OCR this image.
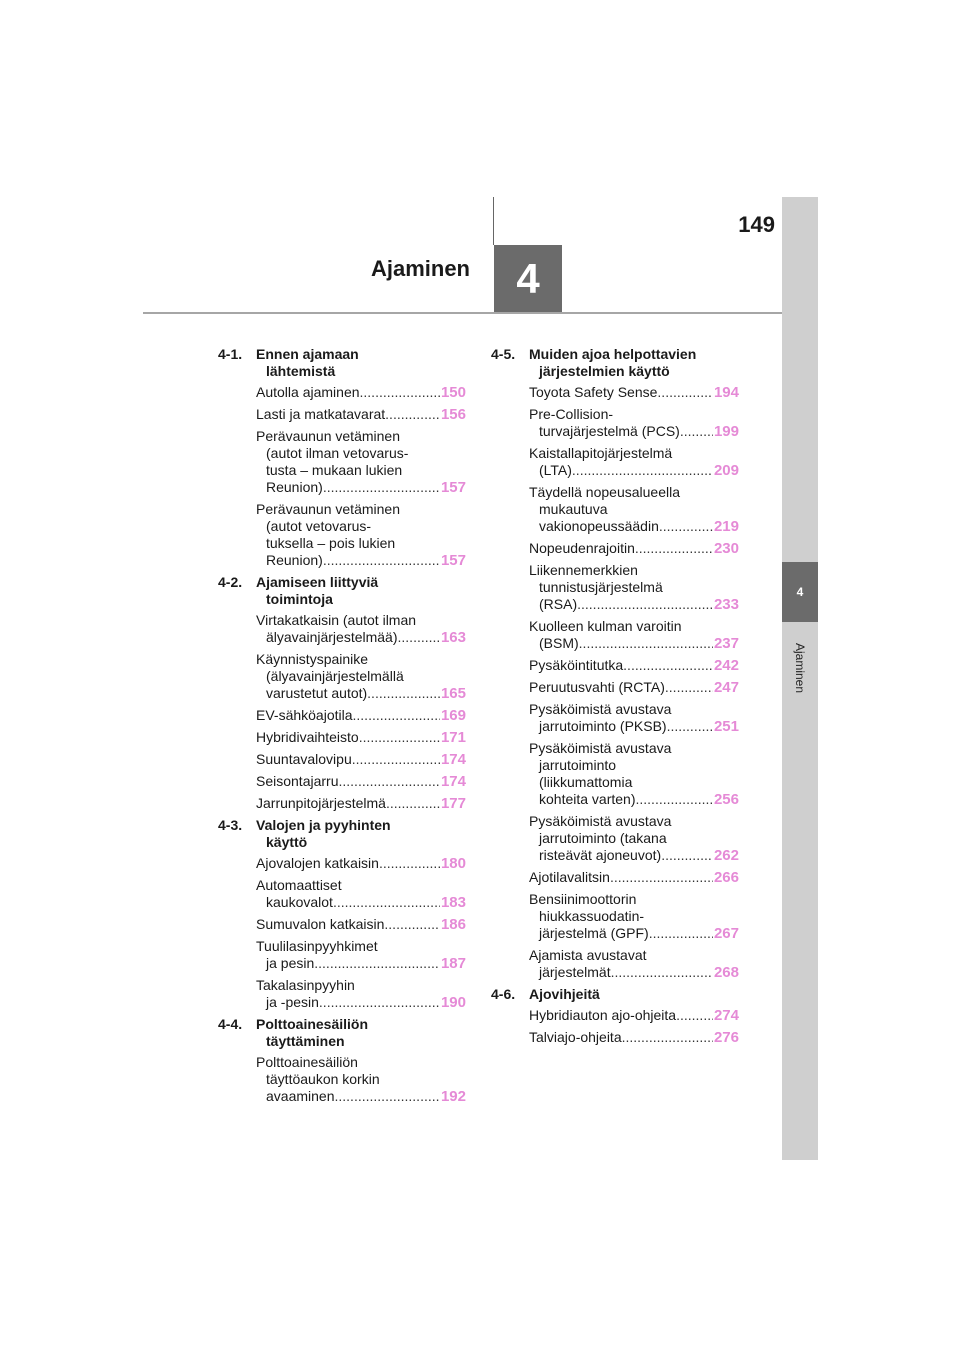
149
Ajaminen	4
4
Ajaminen
4-1. Ennen ajamaan
lähtemistä
Autolla ajaminen .....	150
Lasti ja matkatavarat .....	156
Perävaunun vetäminen
(autot ilman vetovarus-
tusta – mukaan lukien
Reunion) .....	157
Perävaunun vetäminen
(autot vetovarus-
tuksella – pois lukien
Reunion) .....	157
4-2. Ajamiseen liittyviä
toimintoja
Virtakatkaisin (autot ilman
älyavainjärjestelmää) .....	163
Käynnistyspainike
(älyavainjärjestelmällä
varustetut autot) .....	165
EV-sähköajotila .....	169
Hybridivaihteisto .....	171
Suuntavalovipu .....	174
Seisontajarru .....	174
Jarrunpitojärjestelmä .....	177
4-3. Valojen ja pyyhinten
käyttö
Ajovalojen katkaisin .....	180
Automaattiset
kaukovalot .....	183
Sumuvalon katkaisin .....	186
Tuulilasinpyyhkimet
ja pesin .....	187
Takalasinpyyhin
ja -pesin .....	190
4-4. Polttoainesäiliön
täyttäminen
Polttoainesäiliön
täyttöaukon korkin
avaaminen .....	192
4-5. Muiden ajoa helpottavien
järjestelmien käyttö
Toyota Safety Sense .....	194
Pre-Collision-
turvajärjestelmä (PCS) ..... 199
Kaistallapitojärjestelmä
(LTA) .....	209
Täydellä nopeusalueella
mukautuva
vakionopeussäädin .....	219
Nopeudenrajoitin .....	230
Liikennemerkkien
tunnistusjärjestelmä
(RSA) .....	233
Kuolleen kulman varoitin
(BSM) .....	237
Pysäköintitutka .....	242
Peruutusvahti (RCTA) .....	247
Pysäköimistä avustava
jarrutoiminto (PKSB) .....	251
Pysäköimistä avustava
jarrutoiminto
(liikkumattomia
kohteita varten) .....	256
Pysäköimistä avustava
jarrutoiminto (takana
risteävät ajoneuvot) .....	262
Ajotilavalitsin .....	266
Bensiinimoottorin
hiukkassuodatin-
järjestelmä (GPF) .....	267
Ajamista avustavat
järjestelmät .....	268
4-6. Ajovihjeitä
Hybridiauton ajo-ohjeita .....	274
Talviajo-ohjeita .....	276
